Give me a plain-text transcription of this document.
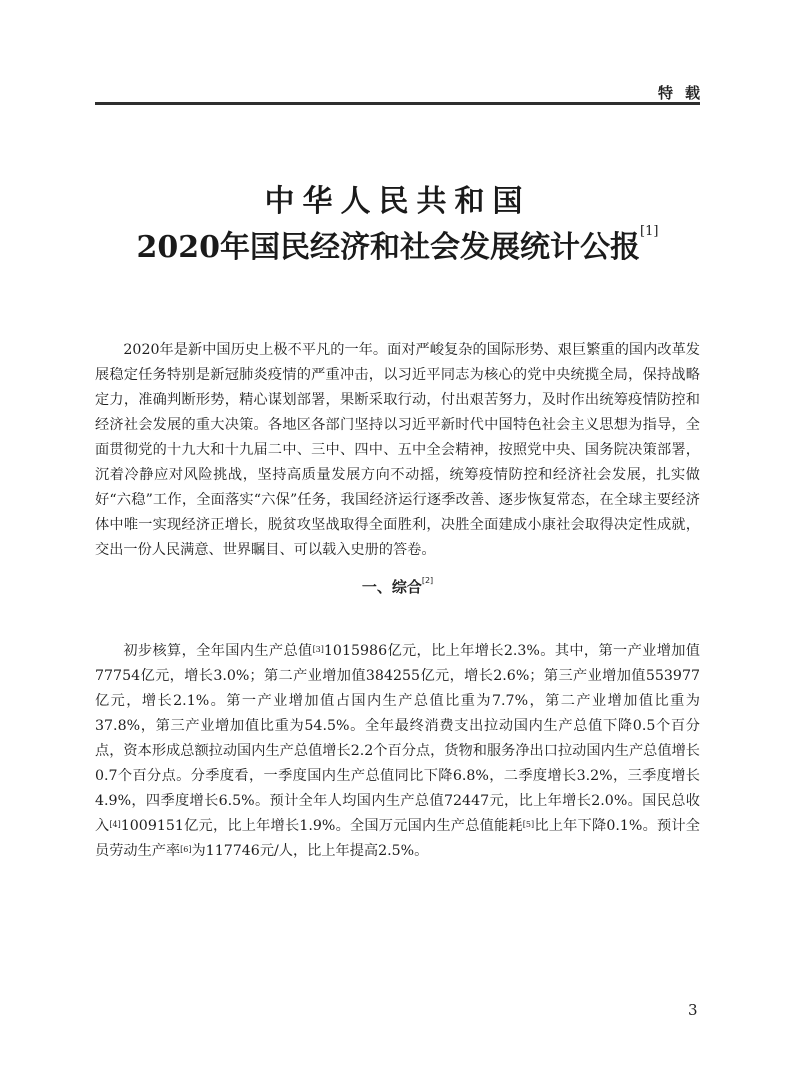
特载
中华人民共和国
2020年国民经济和社会发展统计公报[1]

2020年是新中国历史上极不平凡的一年。面对严峻复杂的国际形势、艰巨繁重的国内改革发展稳定任务特别是新冠肺炎疫情的严重冲击，以习近平同志为核心的党中央统揽全局，保持战略定力，准确判断形势，精心谋划部署，果断采取行动，付出艰苦努力，及时作出统筹疫情防控和经济社会发展的重大决策。各地区各部门坚持以习近平新时代中国特色社会主义思想为指导，全面贯彻党的十九大和十九届二中、三中、四中、五中全会精神，按照党中央、国务院决策部署，沉着冷静应对风险挑战，坚持高质量发展方向不动摇，统筹疫情防控和经济社会发展，扎实做好“六稳”工作，全面落实“六保”任务，我国经济运行逐季改善、逐步恢复常态，在全球主要经济体中唯一实现经济正增长，脱贫攻坚战取得全面胜利，决胜全面建成小康社会取得决定性成就，交出一份人民满意、世界瞩目、可以载入史册的答卷。

一、综合[2]

初步核算，全年国内生产总值[3]1015986亿元，比上年增长2.3%。其中，第一产业增加值77754亿元，增长3.0%；第二产业增加值384255亿元，增长2.6%；第三产业增加值553977亿元，增长2.1%。第一产业增加值占国内生产总值比重为7.7%，第二产业增加值比重为37.8%，第三产业增加值比重为54.5%。全年最终消费支出拉动国内生产总值下降0.5个百分点，资本形成总额拉动国内生产总值增长2.2个百分点，货物和服务净出口拉动国内生产总值增长0.7个百分点。分季度看，一季度国内生产总值同比下降6.8%，二季度增长3.2%，三季度增长4.9%，四季度增长6.5%。预计全年人均国内生产总值72447元，比上年增长2.0%。国民总收入[4]1009151亿元，比上年增长1.9%。全国万元国内生产总值能耗[5]比上年下降0.1%。预计全员劳动生产率[6]为117746元/人，比上年提高2.5%。

3
